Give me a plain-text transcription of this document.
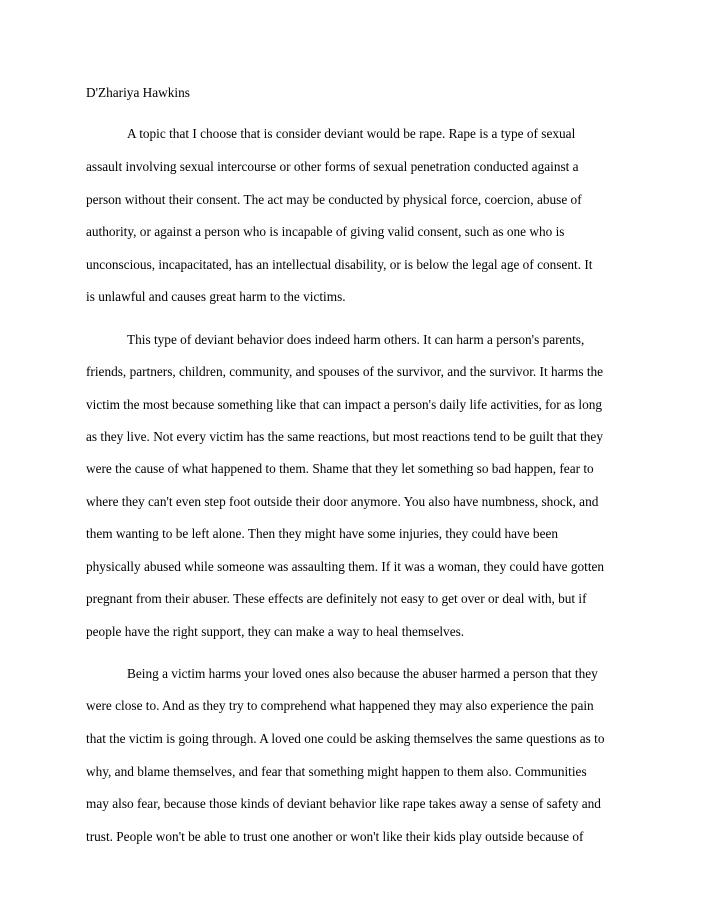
D'Zhariya Hawkins
A topic that I choose that is consider deviant would be rape. Rape is a type of sexual
assault involving sexual intercourse or other forms of sexual penetration conducted against a
person without their consent. The act may be conducted by physical force, coercion, abuse of
authority, or against a person who is incapable of giving valid consent, such as one who is
unconscious, incapacitated, has an intellectual disability, or is below the legal age of consent. It
is unlawful and causes great harm to the victims.
This type of deviant behavior does indeed harm others. It can harm a person's parents,
friends, partners, children, community, and spouses of the survivor, and the survivor. It harms the
victim the most because something like that can impact a person's daily life activities, for as long
as they live. Not every victim has the same reactions, but most reactions tend to be guilt that they
were the cause of what happened to them. Shame that they let something so bad happen, fear to
where they can't even step foot outside their door anymore. You also have numbness, shock, and
them wanting to be left alone. Then they might have some injuries, they could have been
physically abused while someone was assaulting them. If it was a woman, they could have gotten
pregnant from their abuser. These effects are definitely not easy to get over or deal with, but if
people have the right support, they can make a way to heal themselves.
Being a victim harms your loved ones also because the abuser harmed a person that they
were close to. And as they try to comprehend what happened they may also experience the pain
that the victim is going through. A loved one could be asking themselves the same questions as to
why, and blame themselves, and fear that something might happen to them also. Communities
may also fear, because those kinds of deviant behavior like rape takes away a sense of safety and
trust. People won't be able to trust one another or won't like their kids play outside because of
